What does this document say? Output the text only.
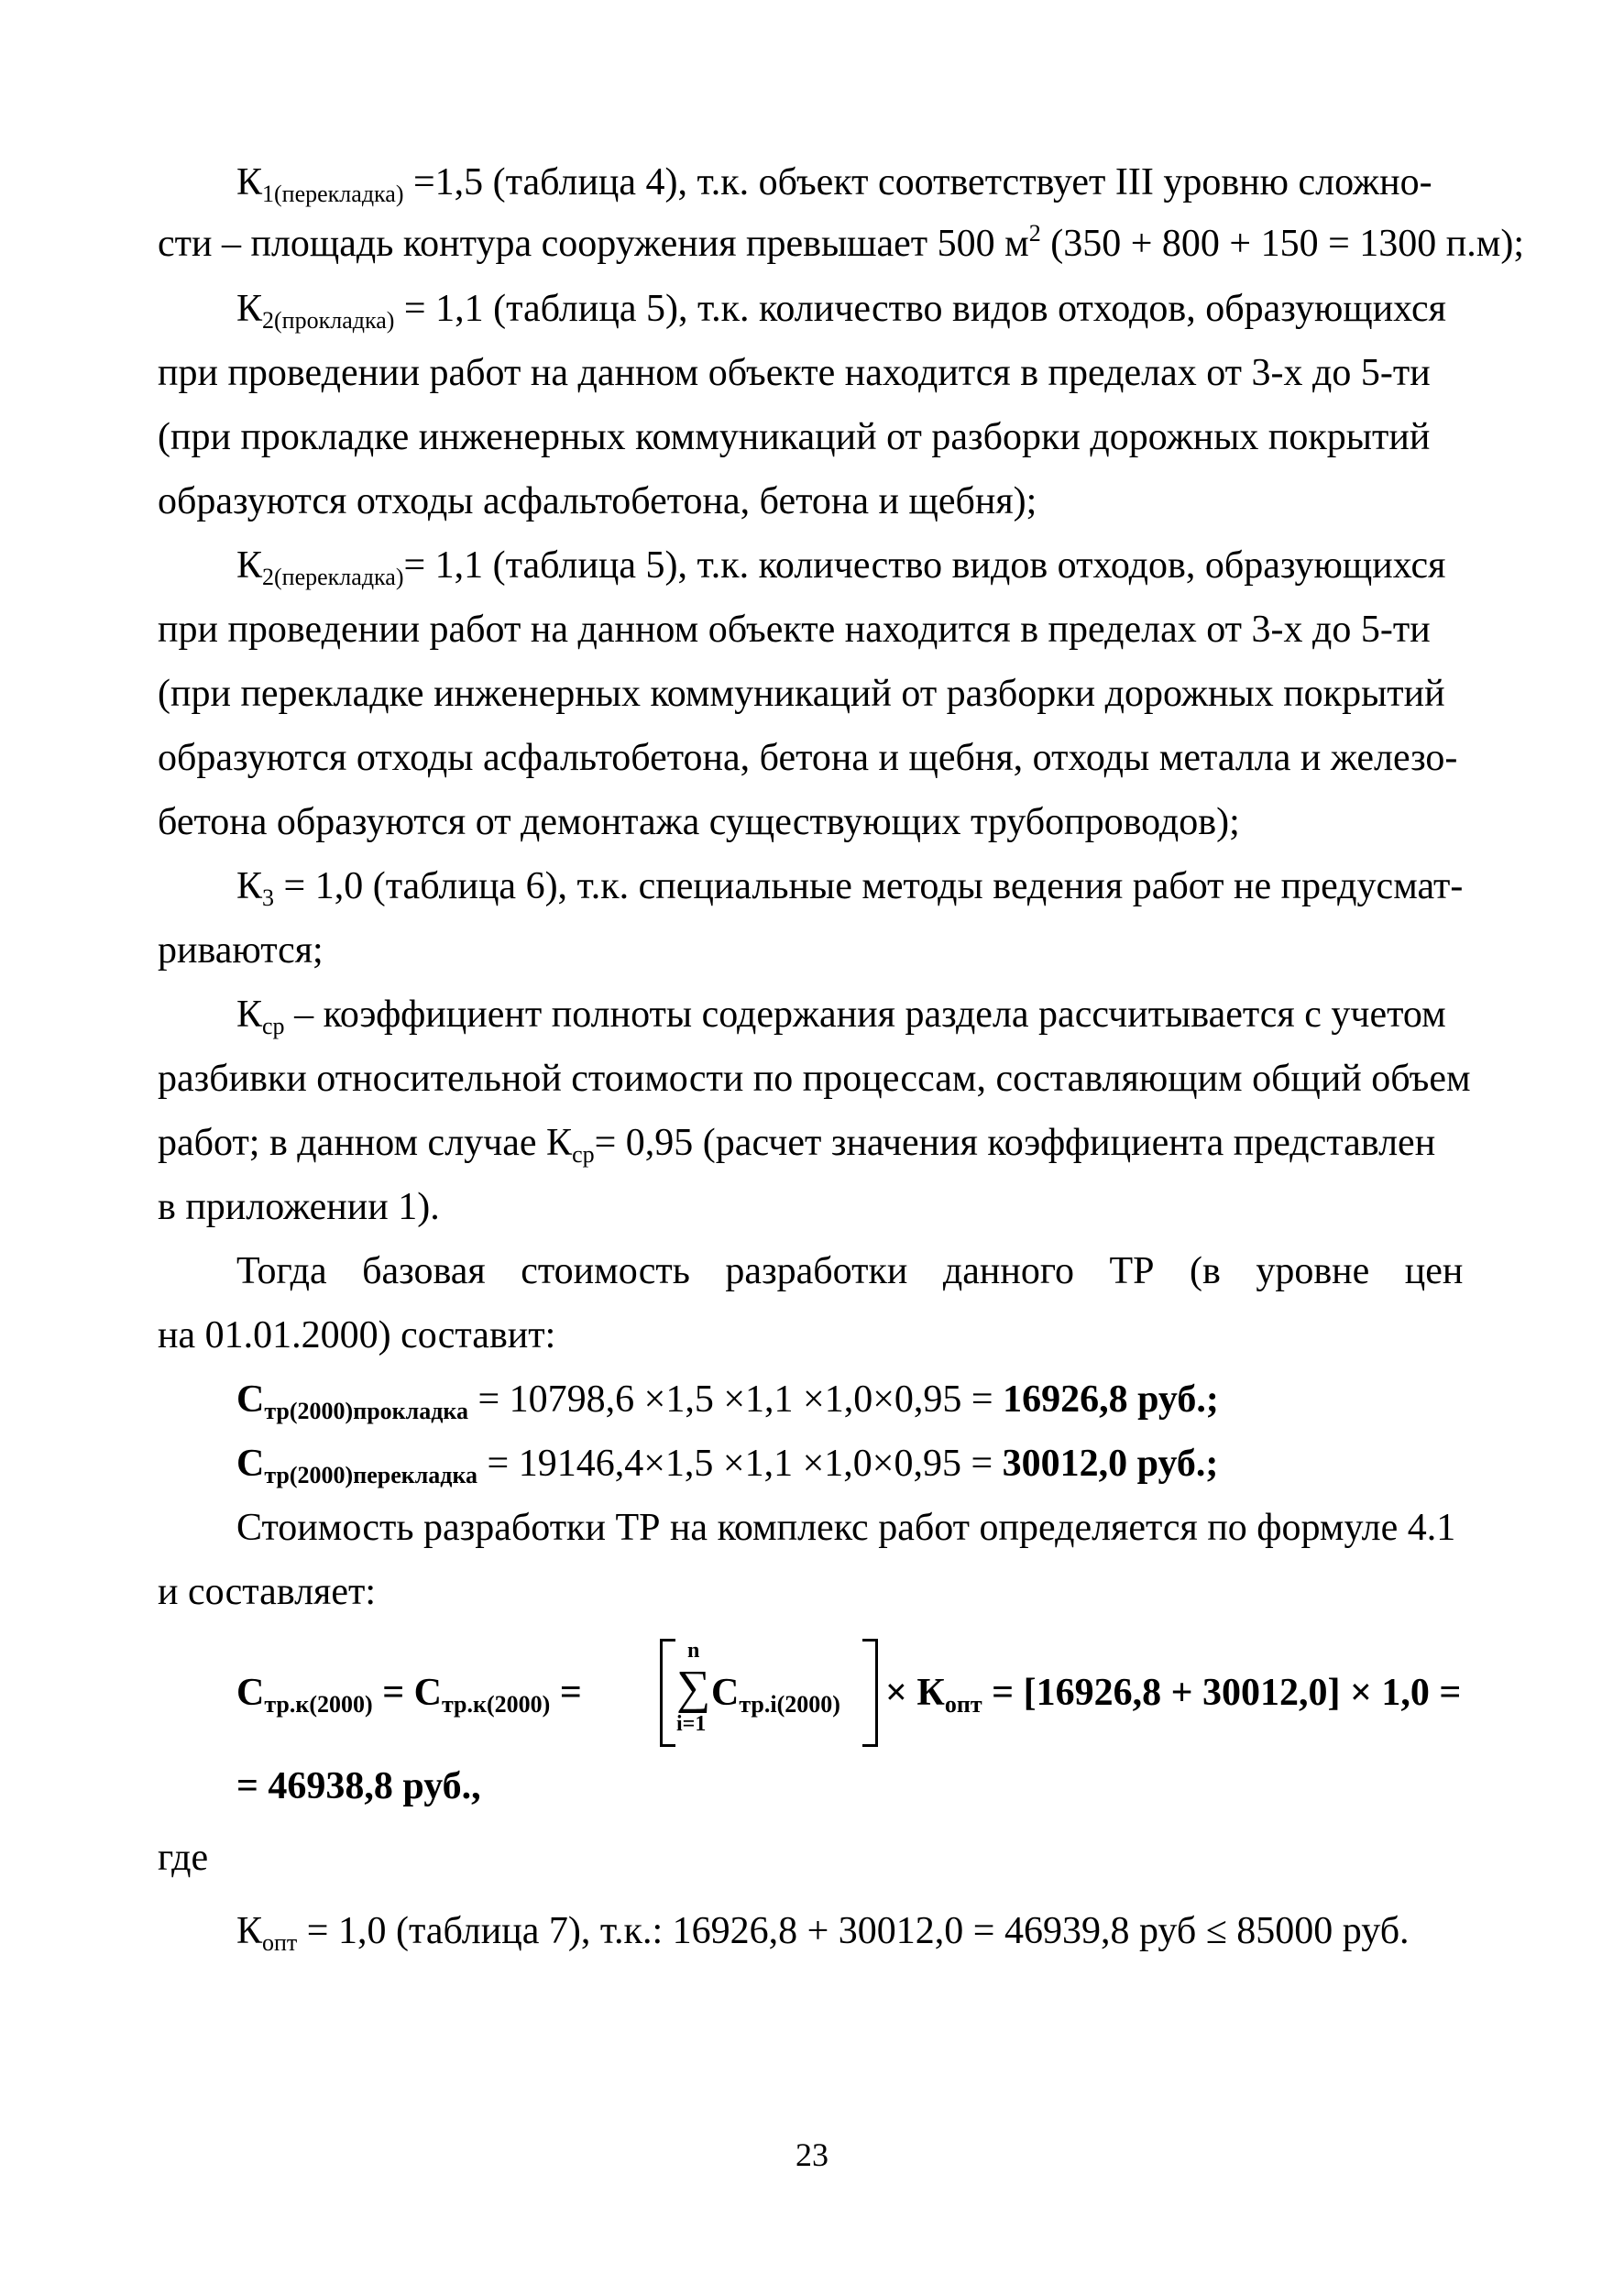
$К_{1(перекладка)} =1,5$ (таблица 4), т.к. объект соответствует III уровню сложно-
сти – площадь контура сооружения превышает 500 $м^2$ (350 + 800 + 150 = 1300 п.м);
$К_{2(прокладка)} = 1,1$ (таблица 5), т.к. количество видов отходов, образующихся
при проведении работ на данном объекте находится в пределах от 3-х до 5-ти
(при прокладке инженерных коммуникаций от разборки дорожных покрытий
образуются отходы асфальтобетона, бетона и щебня);
$К_{2(перекладка)}= 1,1$ (таблица 5), т.к. количество видов отходов, образующихся
при проведении работ на данном объекте находится в пределах от 3-х до 5-ти
(при перекладке инженерных коммуникаций от разборки дорожных покрытий
образуются отходы асфальтобетона, бетона и щебня, отходы металла и железо-
бетона образуются от демонтажа существующих трубопроводов);
$К_3 = 1,0$ (таблица 6), т.к. специальные методы ведения работ не предусмат-
риваются;
$К_{ср}$ – коэффициент полноты содержания раздела рассчитывается с учетом
разбивки относительной стоимости по процессам, составляющим общий объем
работ; в данном случае $К_{ср}= 0,95$ (расчет значения коэффициента представлен
в приложении 1).
Тогда базовая стоимость разработки данного ТР (в уровне цен
на 01.01.2000) составит:
Стр(2000)прокладка = 10798,6 ×1,5 ×1,1 ×1,0×0,95 = 16926,8 руб.;
Стр(2000)перекладка = 19146,4×1,5 ×1,1 ×1,0×0,95 = 30012,0 руб.;
Стоимость разработки ТР на комплекс работ определяется по формуле 4.1
и составляет:
Стр.к(2000) = Стр.к(2000) =
n
∑
i=1
Стр.i(2000) × Копт = [16926,8 + 30012,0] × 1,0 =
= 46938,8 руб.,
где
$К_{опт} = 1,0$ (таблица 7), т.к.: 16926,8 + 30012,0 = 46939,8 руб ≤ 85000 руб.
23
